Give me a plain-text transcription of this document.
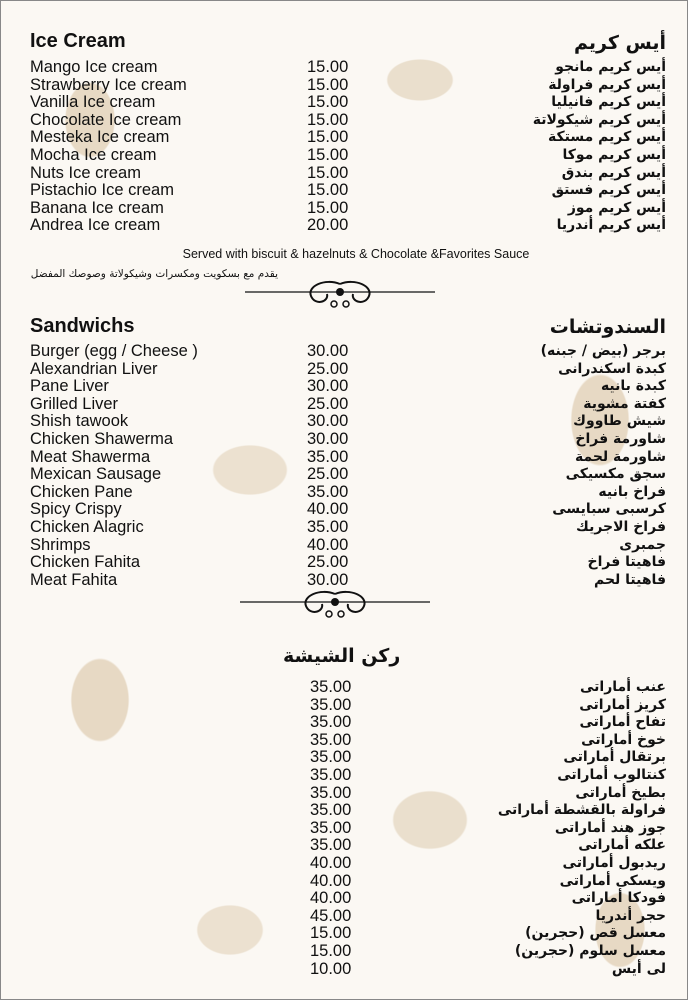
Ice Cream	أيس كريم
Mango Ice cream	15.00	أيس كريم مانجو
Strawberry Ice cream	15.00	أيس كريم فراولة
Vanilla Ice cream	15.00	أيس كريم فانيليا
Chocolate Ice cream	15.00	أيس كريم شيكولاتة
Mesteka Ice cream	15.00	أيس كريم مستكة
Mocha Ice cream	15.00	أيس كريم موكا
Nuts Ice cream	15.00	أيس كريم بندق
Pistachio Ice cream	15.00	أيس كريم فستق
Banana Ice cream	15.00	أيس كريم موز
Andrea Ice cream	20.00	أيس كريم أندريا
Served with biscuit & hazelnuts & Chocolate &Favorites Sauce
يقدم مع بسكويت ومكسرات وشيكولاتة وصوصك المفضل
Sandwichs	السندوتشات
Burger (egg / Cheese )	30.00	برجر (بيض / جبنه)
Alexandrian Liver	25.00	كبدة اسكندرانى
Pane Liver	30.00	كبدة بانيه
Grilled Liver	25.00	كفتة مشوية
Shish tawook	30.00	شيش طاووك
Chicken Shawerma	30.00	شاورمة فراخ
Meat Shawerma	35.00	شاورمة لحمة
Mexican Sausage	25.00	سجق مكسيكى
Chicken Pane	35.00	فراخ بانيه
Spicy Crispy	40.00	كرسبى سبايسى
Chicken Alagric	35.00	فراخ الاجريك
Shrimps	40.00	جمبرى
Chicken Fahita	25.00	فاهيتا فراخ
Meat Fahita	30.00	فاهيتا لحم
ركن الشيشة
35.00	عنب أماراتى
35.00	كريز أماراتى
35.00	تفاح أماراتى
35.00	خوخ أماراتى
35.00	برتقال أماراتى
35.00	كنتالوب أماراتى
35.00	بطيخ أماراتى
35.00	فراولة بالقشطة أماراتى
35.00	جوز هند أماراتى
35.00	علكه أماراتى
40.00	ريدبول أماراتى
40.00	ويسكى أماراتى
40.00	فودكا أماراتى
45.00	حجر أندريا
15.00	معسل قص (حجرين)
15.00	معسل سلوم (حجرين)
10.00	لى أيس
